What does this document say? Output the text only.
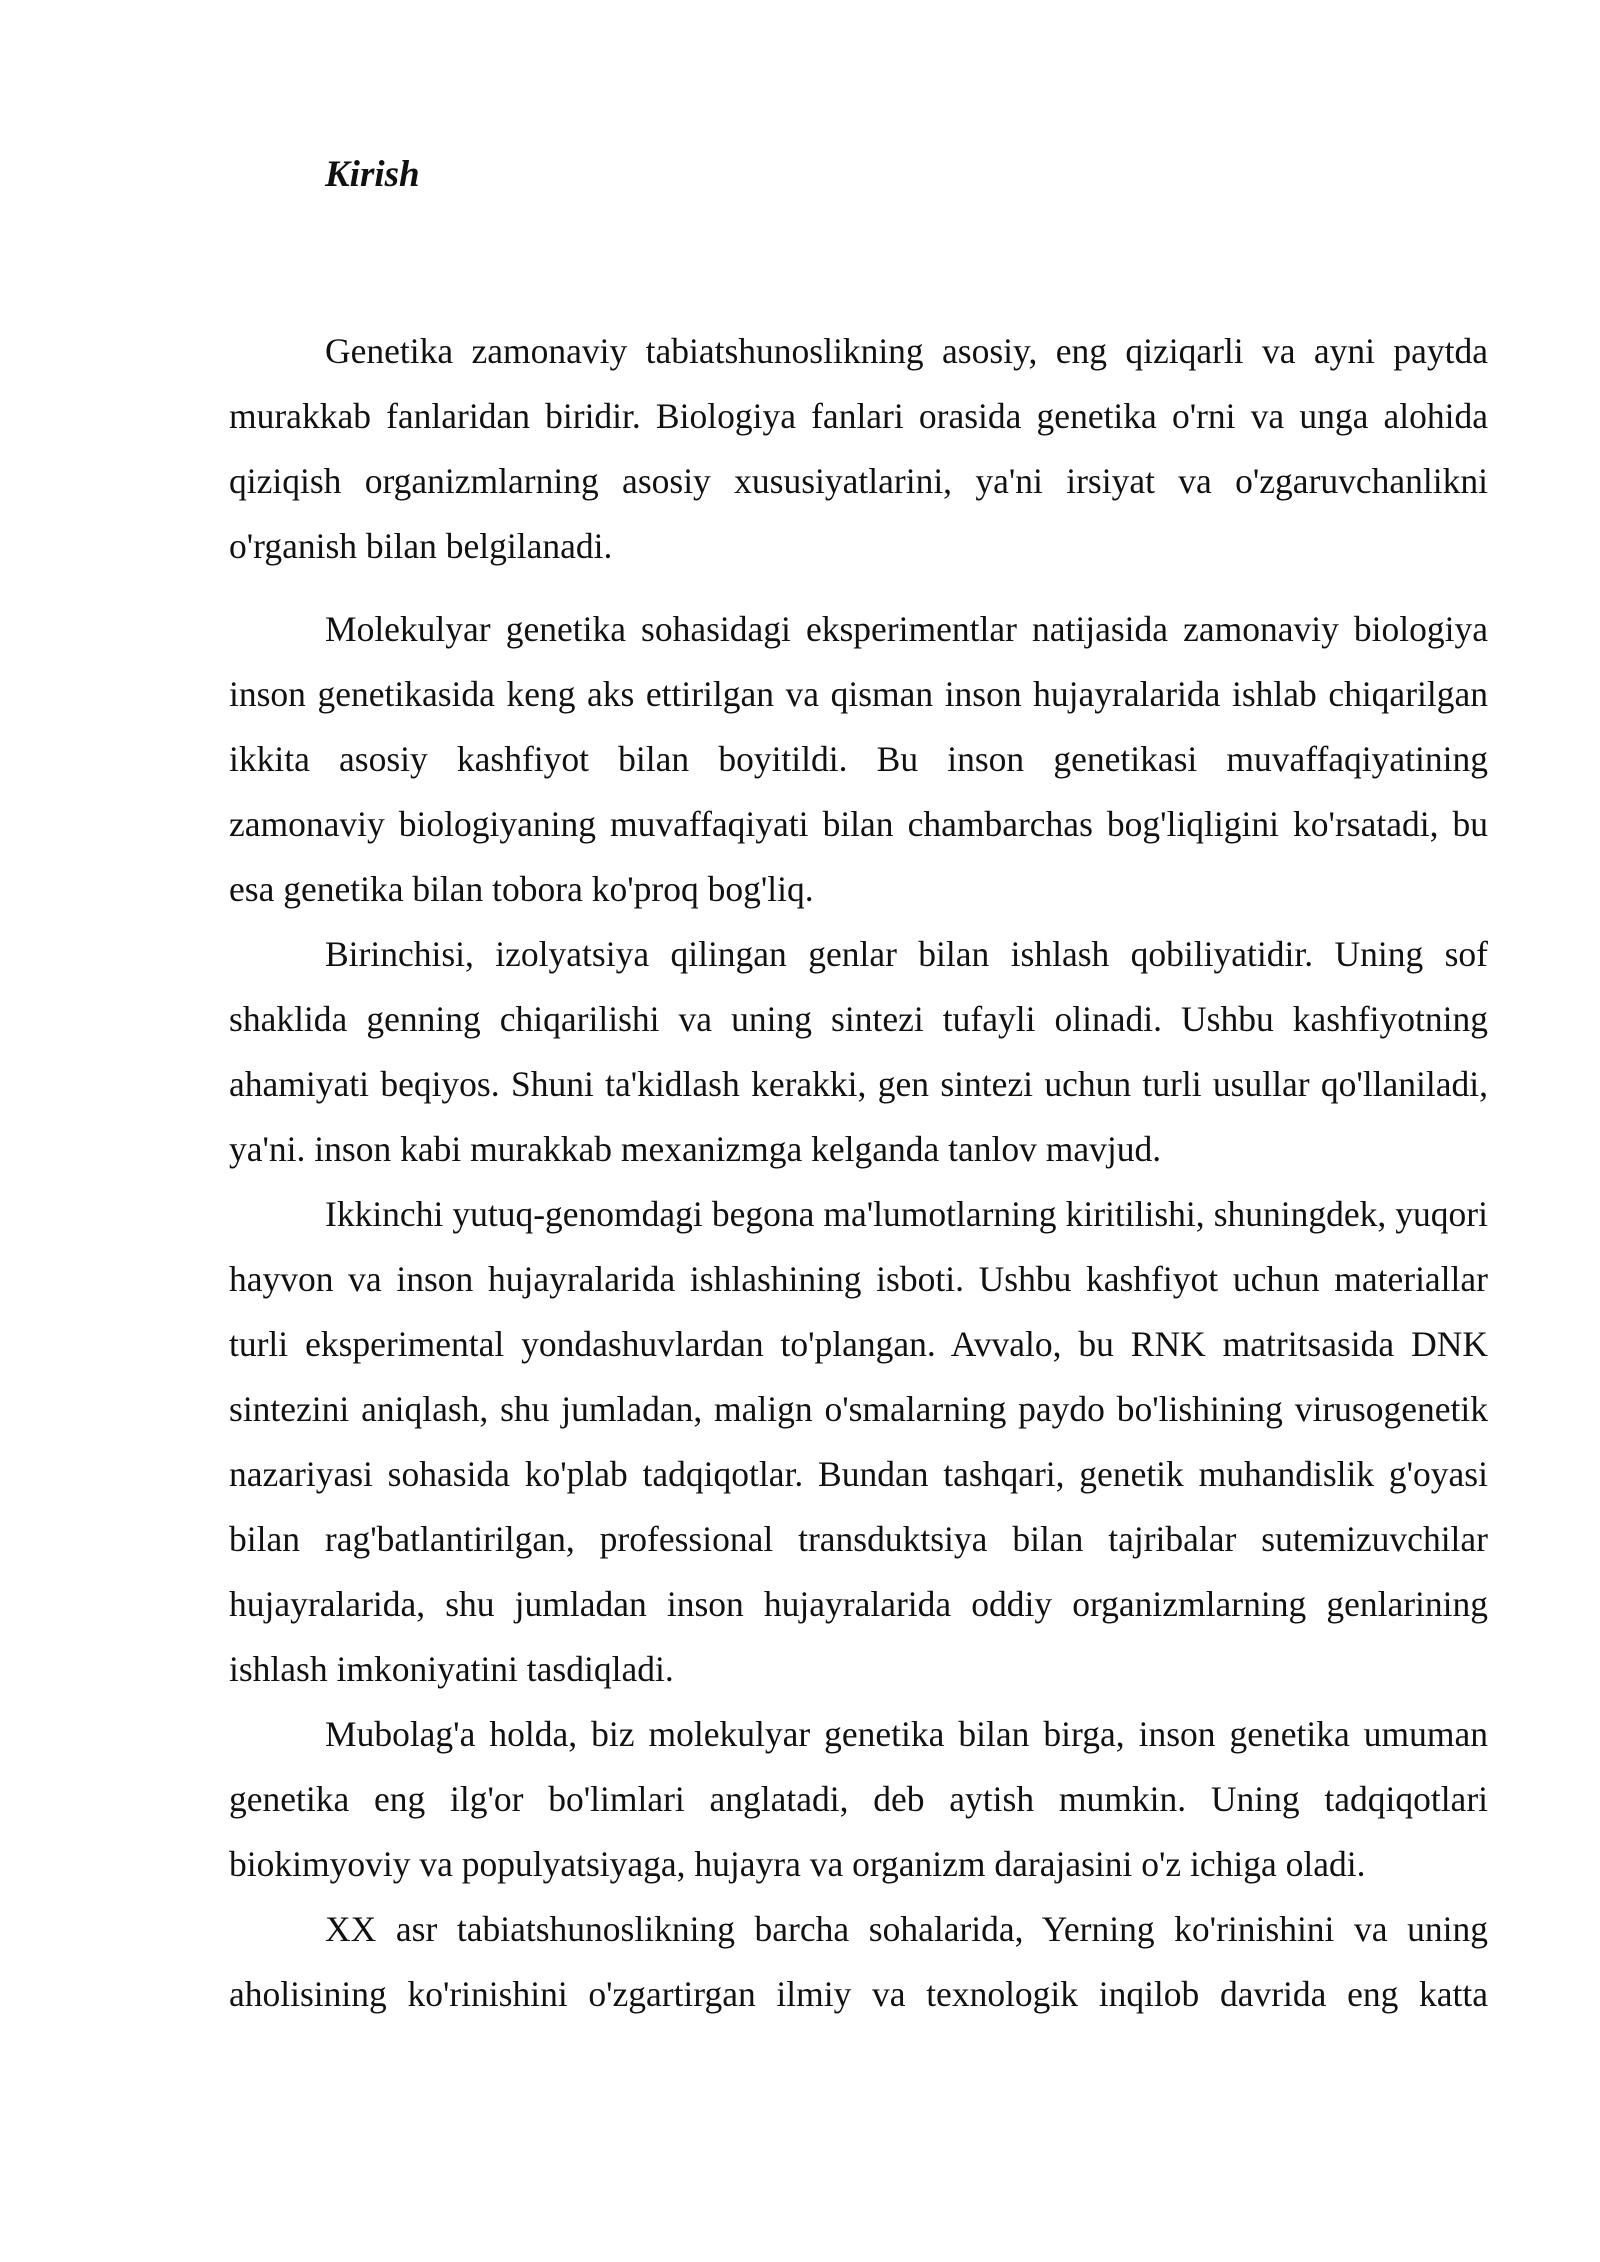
Kirish

Genetika zamonaviy tabiatshunoslikning asosiy, eng qiziqarli va ayni paytda murakkab fanlaridan biridir. Biologiya fanlari orasida genetika o'rni va unga alohida qiziqish organizmlarning asosiy xususiyatlarini, ya'ni irsiyat va o'zgaruvchanlikni o'rganish bilan belgilanadi.

Molekulyar genetika sohasidagi eksperimentlar natijasida zamonaviy biologiya inson genetikasida keng aks ettirilgan va qisman inson hujayralarida ishlab chiqarilgan ikkita asosiy kashfiyot bilan boyitildi. Bu inson genetikasi muvaffaqiyatining zamonaviy biologiyaning muvaffaqiyati bilan chambarchas bog'liqligini ko'rsatadi, bu esa genetika bilan tobora ko'proq bog'liq.

Birinchisi, izolyatsiya qilingan genlar bilan ishlash qobiliyatidir. Uning sof shaklida genning chiqarilishi va uning sintezi tufayli olinadi. Ushbu kashfiyotning ahamiyati beqiyos. Shuni ta'kidlash kerakki, gen sintezi uchun turli usullar qo'llaniladi, ya'ni. inson kabi murakkab mexanizmga kelganda tanlov mavjud.

Ikkinchi yutuq-genomdagi begona ma'lumotlarning kiritilishi, shuningdek, yuqori hayvon va inson hujayralarida ishlashining isboti. Ushbu kashfiyot uchun materiallar turli eksperimental yondashuvlardan to'plangan. Avvalo, bu RNK matritsasida DNK sintezini aniqlash, shu jumladan, malign o'smalarning paydo bo'lishining virusogenetik nazariyasi sohasida ko'plab tadqiqotlar. Bundan tashqari, genetik muhandislik g'oyasi bilan rag'batlantirilgan, professional transduktsiya bilan tajribalar sutemizuvchilar hujayralarida, shu jumladan inson hujayralarida oddiy organizmlarning genlarining ishlash imkoniyatini tasdiqladi.

Mubolag'a holda, biz molekulyar genetika bilan birga, inson genetika umuman genetika eng ilg'or bo'limlari anglatadi, deb aytish mumkin. Uning tadqiqotlari biokimyoviy va populyatsiyaga, hujayra va organizm darajasini o'z ichiga oladi.

XX asr tabiatshunoslikning barcha sohalarida, Yerning ko'rinishini va uning aholisining ko'rinishini o'zgartirgan ilmiy va texnologik inqilob davrida eng katta
